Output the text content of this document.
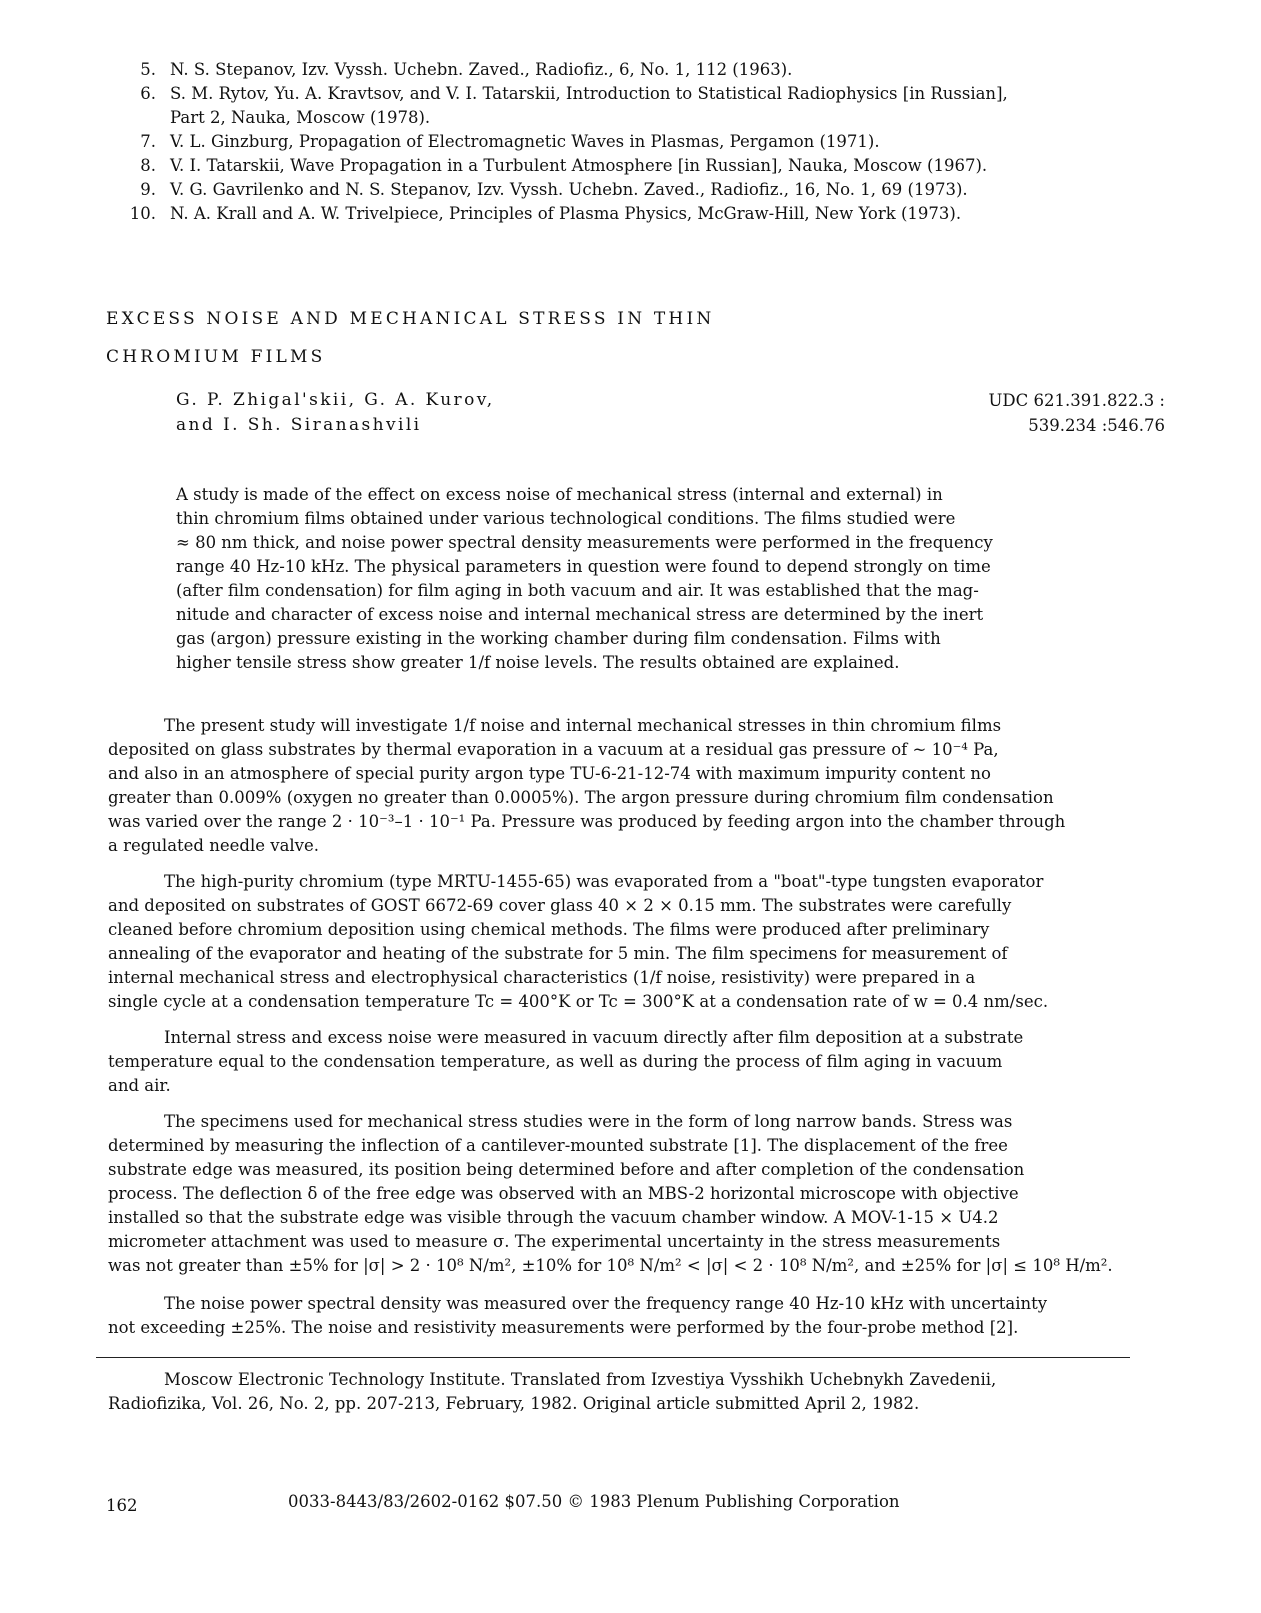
5. N. S. Stepanov, Izv. Vyssh. Uchebn. Zaved., Radiofiz., 6, No. 1, 112 (1963).
6. S. M. Rytov, Yu. A. Kravtsov, and V. I. Tatarskii, Introduction to Statistical Radiophysics [in Russian],
Part 2, Nauka, Moscow (1978).
7. V. L. Ginzburg, Propagation of Electromagnetic Waves in Plasmas, Pergamon (1971).
8. V. I. Tatarskii, Wave Propagation in a Turbulent Atmosphere [in Russian], Nauka, Moscow (1967).
9. V. G. Gavrilenko and N. S. Stepanov, Izv. Vyssh. Uchebn. Zaved., Radiofiz., 16, No. 1, 69 (1973).
10. N. A. Krall and A. W. Trivelpiece, Principles of Plasma Physics, McGraw-Hill, New York (1973).
EXCESS NOISE AND MECHANICAL STRESS IN THIN
CHROMIUM FILMS
G. P. Zhigal'skii, G. A. Kurov,
and I. Sh. Siranashvili
UDC 621.391.822.3 :
539.234 :546.76
A study is made of the effect on excess noise of mechanical stress (internal and external) in
thin chromium films obtained under various technological conditions. The films studied were
≈ 80 nm thick, and noise power spectral density measurements were performed in the frequency
range 40 Hz-10 kHz. The physical parameters in question were found to depend strongly on time
(after film condensation) for film aging in both vacuum and air. It was established that the mag-
nitude and character of excess noise and internal mechanical stress are determined by the inert
gas (argon) pressure existing in the working chamber during film condensation. Films with
higher tensile stress show greater 1/f noise levels. The results obtained are explained.
The present study will investigate 1/f noise and internal mechanical stresses in thin chromium films
deposited on glass substrates by thermal evaporation in a vacuum at a residual gas pressure of ~ 10⁻⁴ Pa,
and also in an atmosphere of special purity argon type TU-6-21-12-74 with maximum impurity content no
greater than 0.009% (oxygen no greater than 0.0005%). The argon pressure during chromium film condensation
was varied over the range 2 · 10⁻³–1 · 10⁻¹ Pa. Pressure was produced by feeding argon into the chamber through
a regulated needle valve.
The high-purity chromium (type MRTU-1455-65) was evaporated from a "boat"-type tungsten evaporator
and deposited on substrates of GOST 6672-69 cover glass 40 × 2 × 0.15 mm. The substrates were carefully
cleaned before chromium deposition using chemical methods. The films were produced after preliminary
annealing of the evaporator and heating of the substrate for 5 min. The film specimens for measurement of
internal mechanical stress and electrophysical characteristics (1/f noise, resistivity) were prepared in a
single cycle at a condensation temperature Tc = 400°K or Tc = 300°K at a condensation rate of w = 0.4 nm/sec.
Internal stress and excess noise were measured in vacuum directly after film deposition at a substrate
temperature equal to the condensation temperature, as well as during the process of film aging in vacuum
and air.
The specimens used for mechanical stress studies were in the form of long narrow bands. Stress was
determined by measuring the inflection of a cantilever-mounted substrate [1]. The displacement of the free
substrate edge was measured, its position being determined before and after completion of the condensation
process. The deflection δ of the free edge was observed with an MBS-2 horizontal microscope with objective
installed so that the substrate edge was visible through the vacuum chamber window. A MOV-1-15 × U4.2
micrometer attachment was used to measure σ. The experimental uncertainty in the stress measurements
was not greater than ±5% for |σ| > 2 · 10⁸ N/m², ±10% for 10⁸ N/m² < |σ| < 2 · 10⁸ N/m², and ±25% for |σ| ≤ 10⁸ H/m².
The noise power spectral density was measured over the frequency range 40 Hz-10 kHz with uncertainty
not exceeding ±25%. The noise and resistivity measurements were performed by the four-probe method [2].
Moscow Electronic Technology Institute. Translated from Izvestiya Vysshikh Uchebnykh Zavedenii,
Radiofizika, Vol. 26, No. 2, pp. 207-213, February, 1982. Original article submitted April 2, 1982.
162	0033-8443/83/2602-0162 $07.50 © 1983 Plenum Publishing Corporation
